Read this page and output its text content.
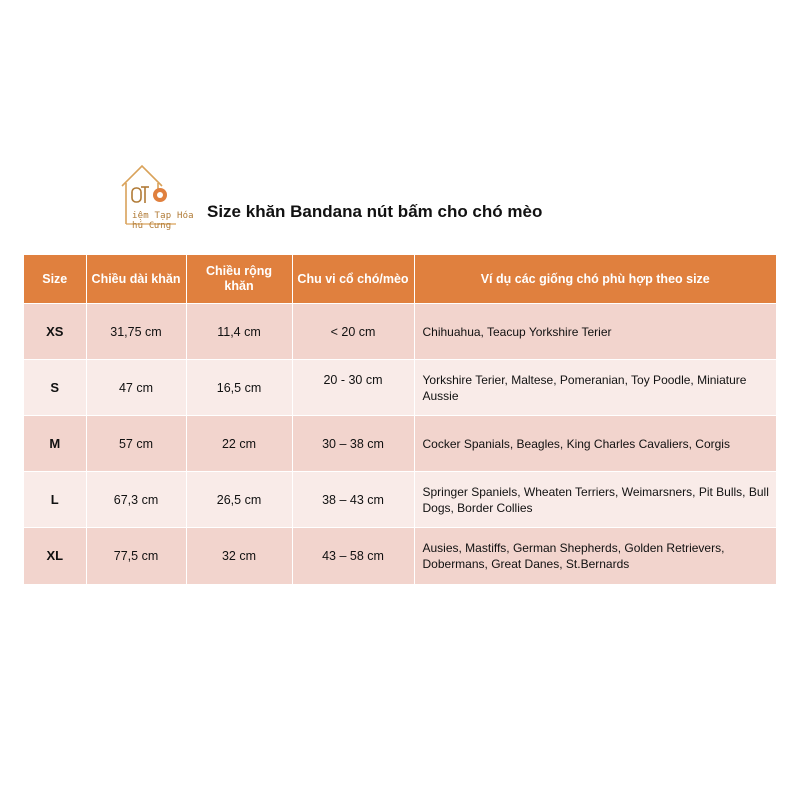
iệm Tạp Hóa
hú Cưng
Size khăn Bandana nút bấm cho chó mèo
Size	Chiều dài khăn	Chiều rộng khăn	Chu vi cổ chó/mèo	Ví dụ các giống chó phù hợp theo size
XS	31,75 cm	11,4 cm	< 20 cm	Chihuahua, Teacup Yorkshire Terier
S	47 cm	16,5 cm	20 - 30 cm	Yorkshire Terier, Maltese, Pomeranian, Toy Poodle, Miniature Aussie
M	57 cm	22 cm	30 – 38 cm	Cocker Spanials, Beagles, King Charles Cavaliers, Corgis
L	67,3 cm	26,5 cm	38 – 43 cm	Springer Spaniels, Wheaten Terriers, Weimarsners, Pit Bulls, Bull Dogs, Border Collies
XL	77,5 cm	32 cm	43 – 58 cm	Ausies, Mastiffs, German Shepherds, Golden Retrievers, Dobermans, Great Danes, St.Bernards
